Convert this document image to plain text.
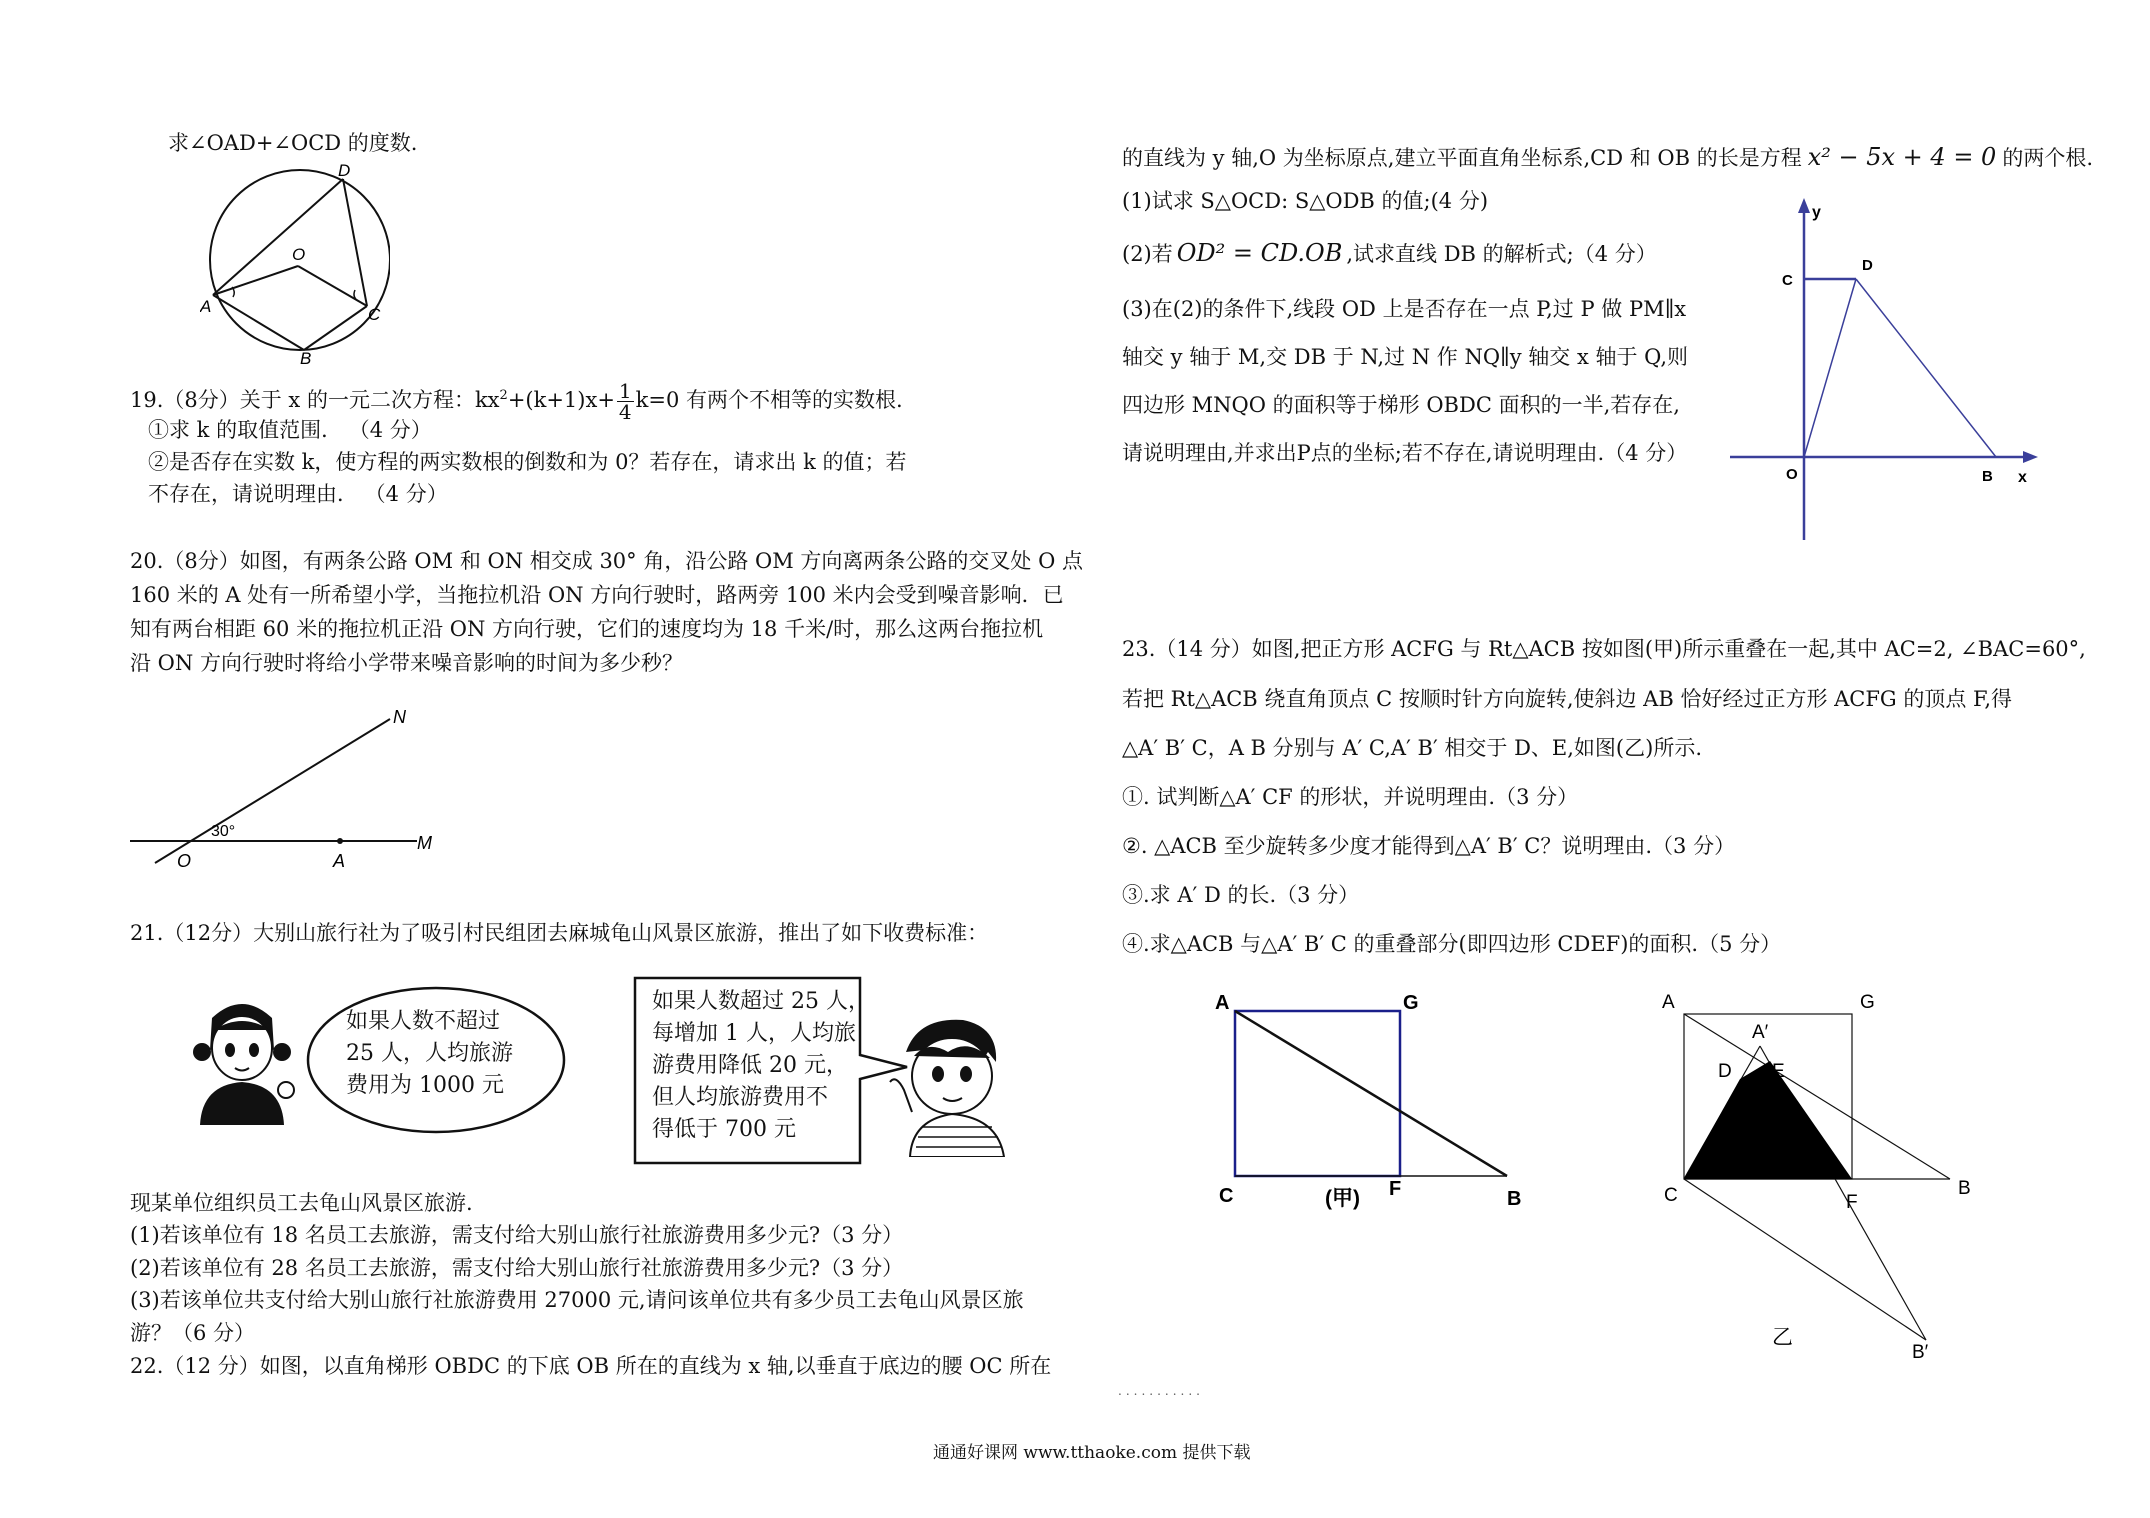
求∠OAD+∠OCD 的度数.
D
O
A	C
B
19.（8分）关于 x 的一元二次方程：$kx^2+(k+1)x+ \frac{1}{4} k=0$ 有两个不相等的实数根.
①求 k 的取值范围． （4 分）
②是否存在实数 k，使方程的两实数根的倒数和为 0？若存在，请求出 k 的值；若
不存在，请说明理由． （4 分）
20.（8分）如图，有两条公路 OM 和 ON 相交成 30° 角，沿公路 OM 方向离两条公路的交叉处 O 点
160 米的 A 处有一所希望小学，当拖拉机沿 ON 方向行驶时，路两旁 100 米内会受到噪音影响．已
知有两台相距 60 米的拖拉机正沿 ON 方向行驶，它们的速度均为 18 千米/时，那么这两台拖拉机
沿 ON 方向行驶时将给小学带来噪音影响的时间为多少秒？
N
30°
O	A
M
21.（12分）大别山旅行社为了吸引村民组团去麻城龟山风景区旅游，推出了如下收费标准：
如果人数不超过
25 人，人均旅游
费用为 1000 元
如果人数超过 25 人，
每增加 1 人，人均旅
游费用降低 20 元，
但人均旅游费用不
得低于 700 元
现某单位组织员工去龟山风景区旅游.
(1)若该单位有 18 名员工去旅游，需支付给大别山旅行社旅游费用多少元?（3 分）
(2)若该单位有 28 名员工去旅游，需支付给大别山旅行社旅游费用多少元?（3 分）
(3)若该单位共支付给大别山旅行社旅游费用 27000 元,请问该单位共有多少员工去龟山风景区旅
游？（6 分）
22.（12 分）如图，以直角梯形 OBDC 的下底 OB 所在的直线为 x 轴,以垂直于底边的腰 OC 所在
的直线为 y 轴,O 为坐标原点,建立平面直角坐标系,CD 和 OB 的长是方程 x² − 5x + 4 = 0 的两个根.
(1)试求 S△OCD: S△ODB 的值;(4 分)
(2)若 OD² = CD.OB ,试求直线 DB 的解析式;（4 分）
(3)在(2)的条件下,线段 OD 上是否存在一点 P,过 P 做 PM∥x
轴交 y 轴于 M,交 DB 于 N,过 N 作 NQ∥y 轴交 x 轴于 Q,则
四边形 MNQO 的面积等于梯形 OBDC 面积的一半,若存在,
请说明理由,并求出P点的坐标;若不存在,请说明理由.（4 分）
y
x
C
D
O	B
23.（14 分）如图,把正方形 ACFG 与 Rt△ACB 按如图(甲)所示重叠在一起,其中 AC=2, ∠BAC=60°,
若把 Rt△ACB 绕直角顶点 C 按顺时针方向旋转,使斜边 AB 恰好经过正方形 ACFG 的顶点 F,得
△A′ B′ C，A B 分别与 A′ C,A′ B′ 相交于 D、E,如图(乙)所示.
①. 试判断△A′ CF 的形状，并说明理由.（3 分）
②. △ACB 至少旋转多少度才能得到△A′ B′ C？说明理由.（3 分）
③.求 A′ D 的长.（3 分）
④.求△ACB 与△A′ B′ C 的重叠部分(即四边形 CDEF)的面积.（5 分）
A	G
C	F	B
(甲)
A	G
A′
D E
C	F
B
B′
乙
...........
通通好课网 www.tthaoke.com 提供下载
